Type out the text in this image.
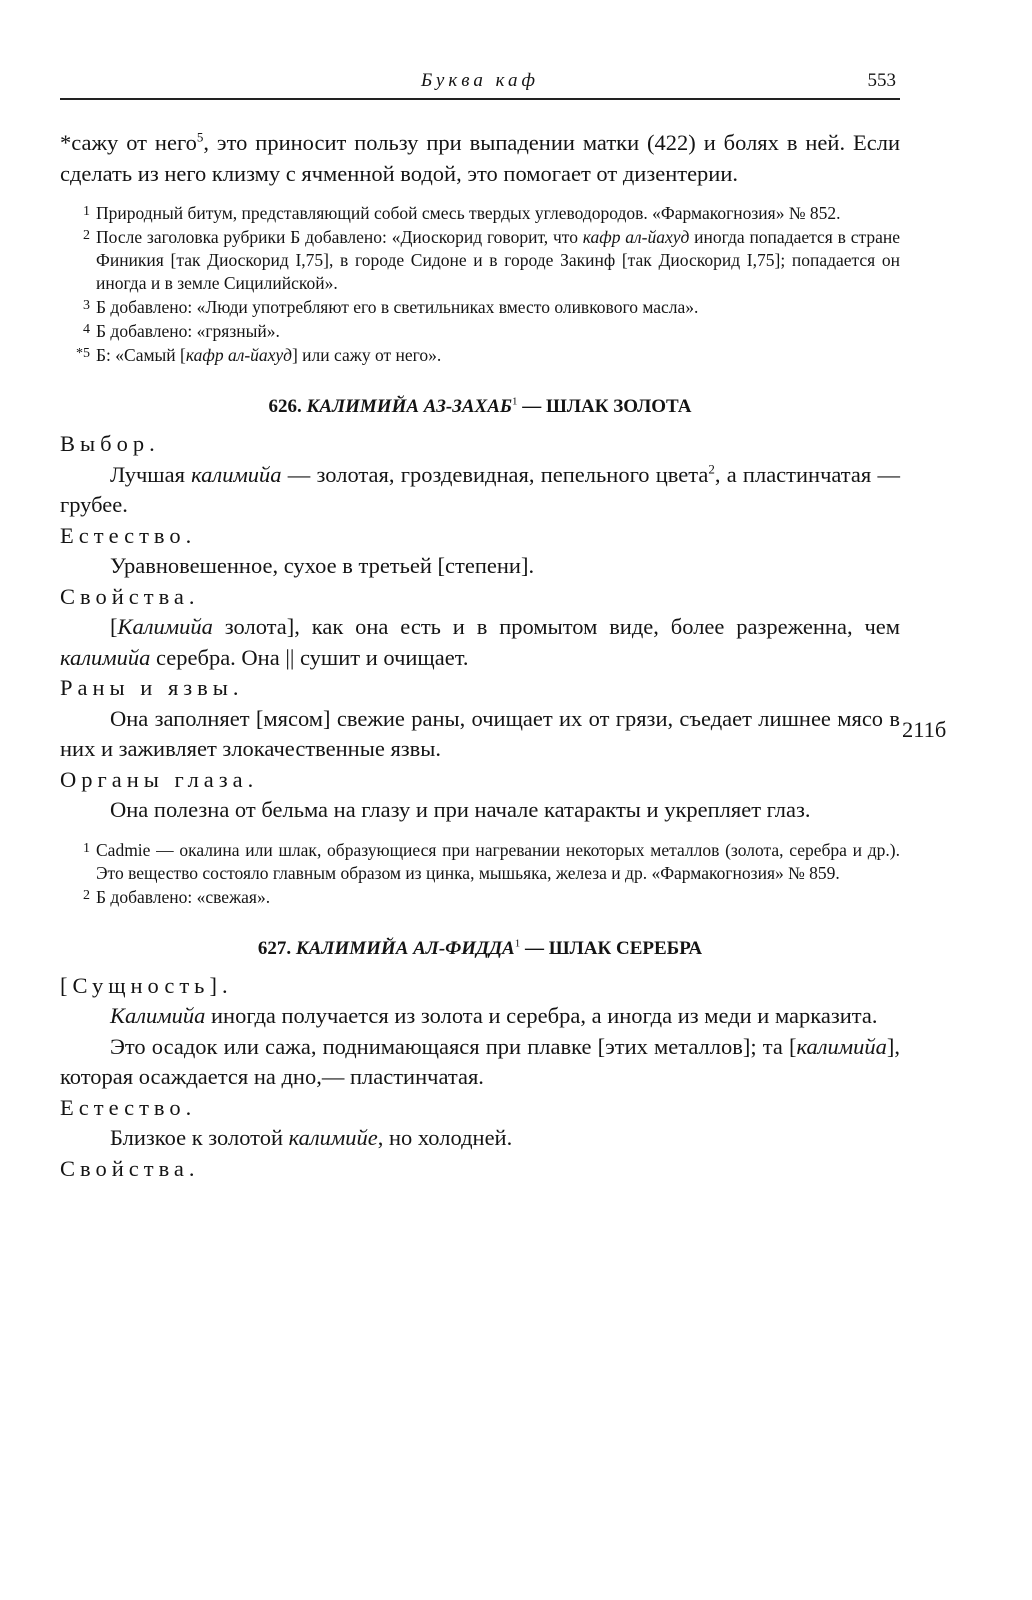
Буква каф	553
211б

*сажу от него$^5$, это приносит пользу при выпадении матки (422) и болях в ней. Если сделать из него клизму с ячменной водой, это помогает от дизентерии.

1 Природный битум, представляющий собой смесь твердых углеводородов. «Фармакогнозия» № 852.
2 После заголовка рубрики Б добавлено: «Диоскорид говорит, что кафр ал-йахуд иногда попадается в стране Финикия [так Диоскорид I,75], в городе Сидоне и в городе Закинф [так Диоскорид I,75]; попадается он иногда и в земле Сицилийской».
3 Б добавлено: «Люди употребляют его в светильниках вместо оливкового масла».
4 Б добавлено: «грязный».
*5 Б: «Самый [кафр ал-йахуд] или сажу от него».
626. КАЛИМИЙА АЗ-ЗАХАБ$^1$ — ШЛАК ЗОЛОТА

Выбор.

Лучшая калимийа — золотая, гроздевидная, пепельного цвета$^2$, а пластинчатая — грубее.

Естество.

Уравновешенное, сухое в третьей [степени].

Свойства.

[Калимийа золота], как она есть и в промытом виде, более разреженна, чем калимийа серебра. Она || сушит и очищает.

Раны и язвы.

Она заполняет [мясом] свежие раны, очищает их от грязи, съедает лишнее мясо в них и заживляет злокачественные язвы.

Органы глаза.

Она полезна от бельма на глазу и при начале катаракты и укрепляет глаз.

1 Cadmie — окалина или шлак, образующиеся при нагревании некоторых металлов (золота, серебра и др.). Это вещество состояло главным образом из цинка, мышьяка, железа и др. «Фармакогнозия» № 859.
2 Б добавлено: «свежая».
627. КАЛИМИЙА АЛ-ФИДДА$^1$ — ШЛАК СЕРЕБРА

[Сущность].

Калимийа иногда получается из золота и серебра, а иногда из меди и марказита.

Это осадок или сажа, поднимающаяся при плавке [этих металлов]; та [калимийа], которая осаждается на дно,— пластинчатая.

Естество.

Близкое к золотой калимийе, но холодней.

Свойства.
